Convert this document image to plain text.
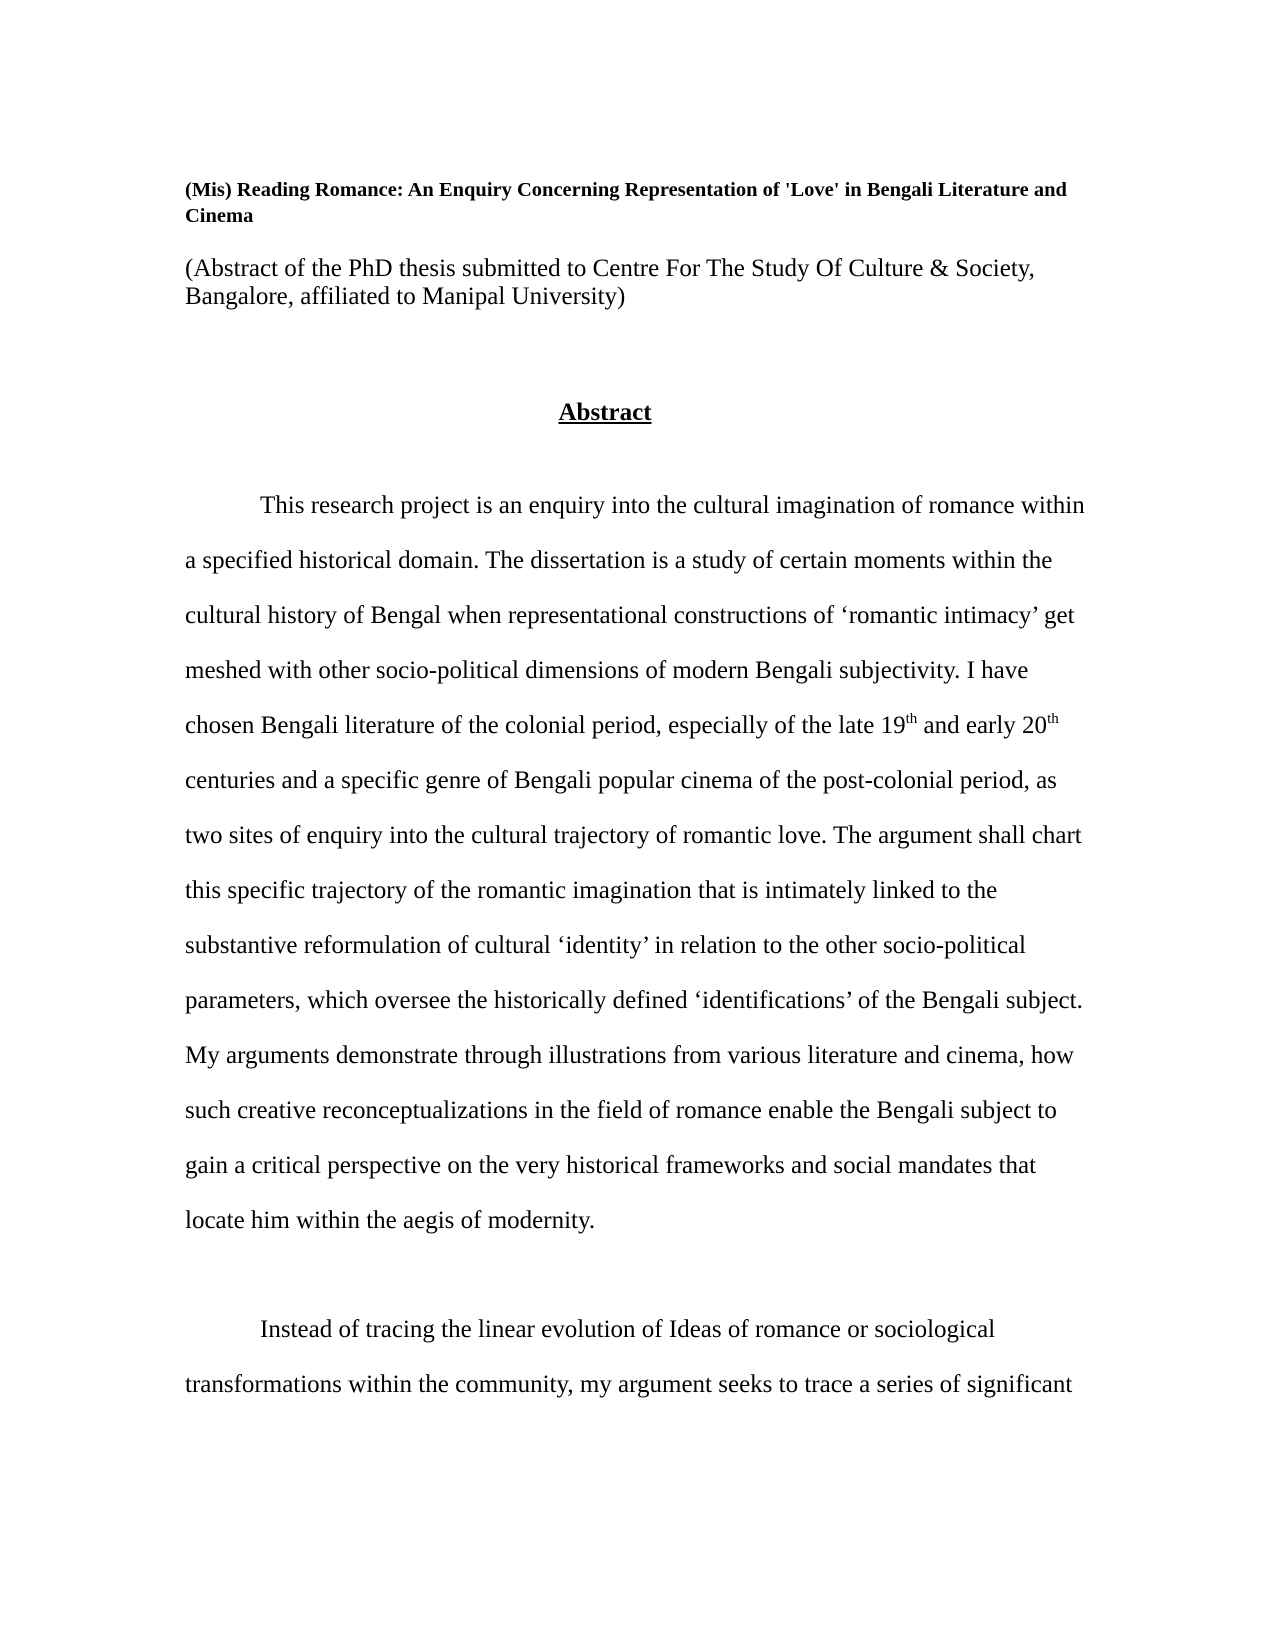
(Mis) Reading Romance: An Enquiry Concerning Representation of 'Love' in Bengali Literature and Cinema

(Abstract of the PhD thesis submitted to Centre For The Study Of Culture & Society, Bangalore, affiliated to Manipal University)

Abstract

This research project is an enquiry into the cultural imagination of romance within

a specified historical domain. The dissertation is a study of certain moments within the

cultural history of Bengal when representational constructions of ‘romantic intimacy’ get

meshed with other socio-political dimensions of modern Bengali subjectivity. I have

chosen Bengali literature of the colonial period, especially of the late 19th and early 20th

centuries and a specific genre of Bengali popular cinema of the post-colonial period, as

two sites of enquiry into the cultural trajectory of romantic love. The argument shall chart

this specific trajectory of the romantic imagination that is intimately linked to the

substantive reformulation of cultural ‘identity’ in relation to the other socio-political

parameters, which oversee the historically defined ‘identifications’ of the Bengali subject.

My arguments demonstrate through illustrations from various literature and cinema, how

such creative reconceptualizations in the field of romance enable the Bengali subject to

gain a critical perspective on the very historical frameworks and social mandates that

locate him within the aegis of modernity.

Instead of tracing the linear evolution of Ideas of romance or sociological

transformations within the community, my argument seeks to trace a series of significant
